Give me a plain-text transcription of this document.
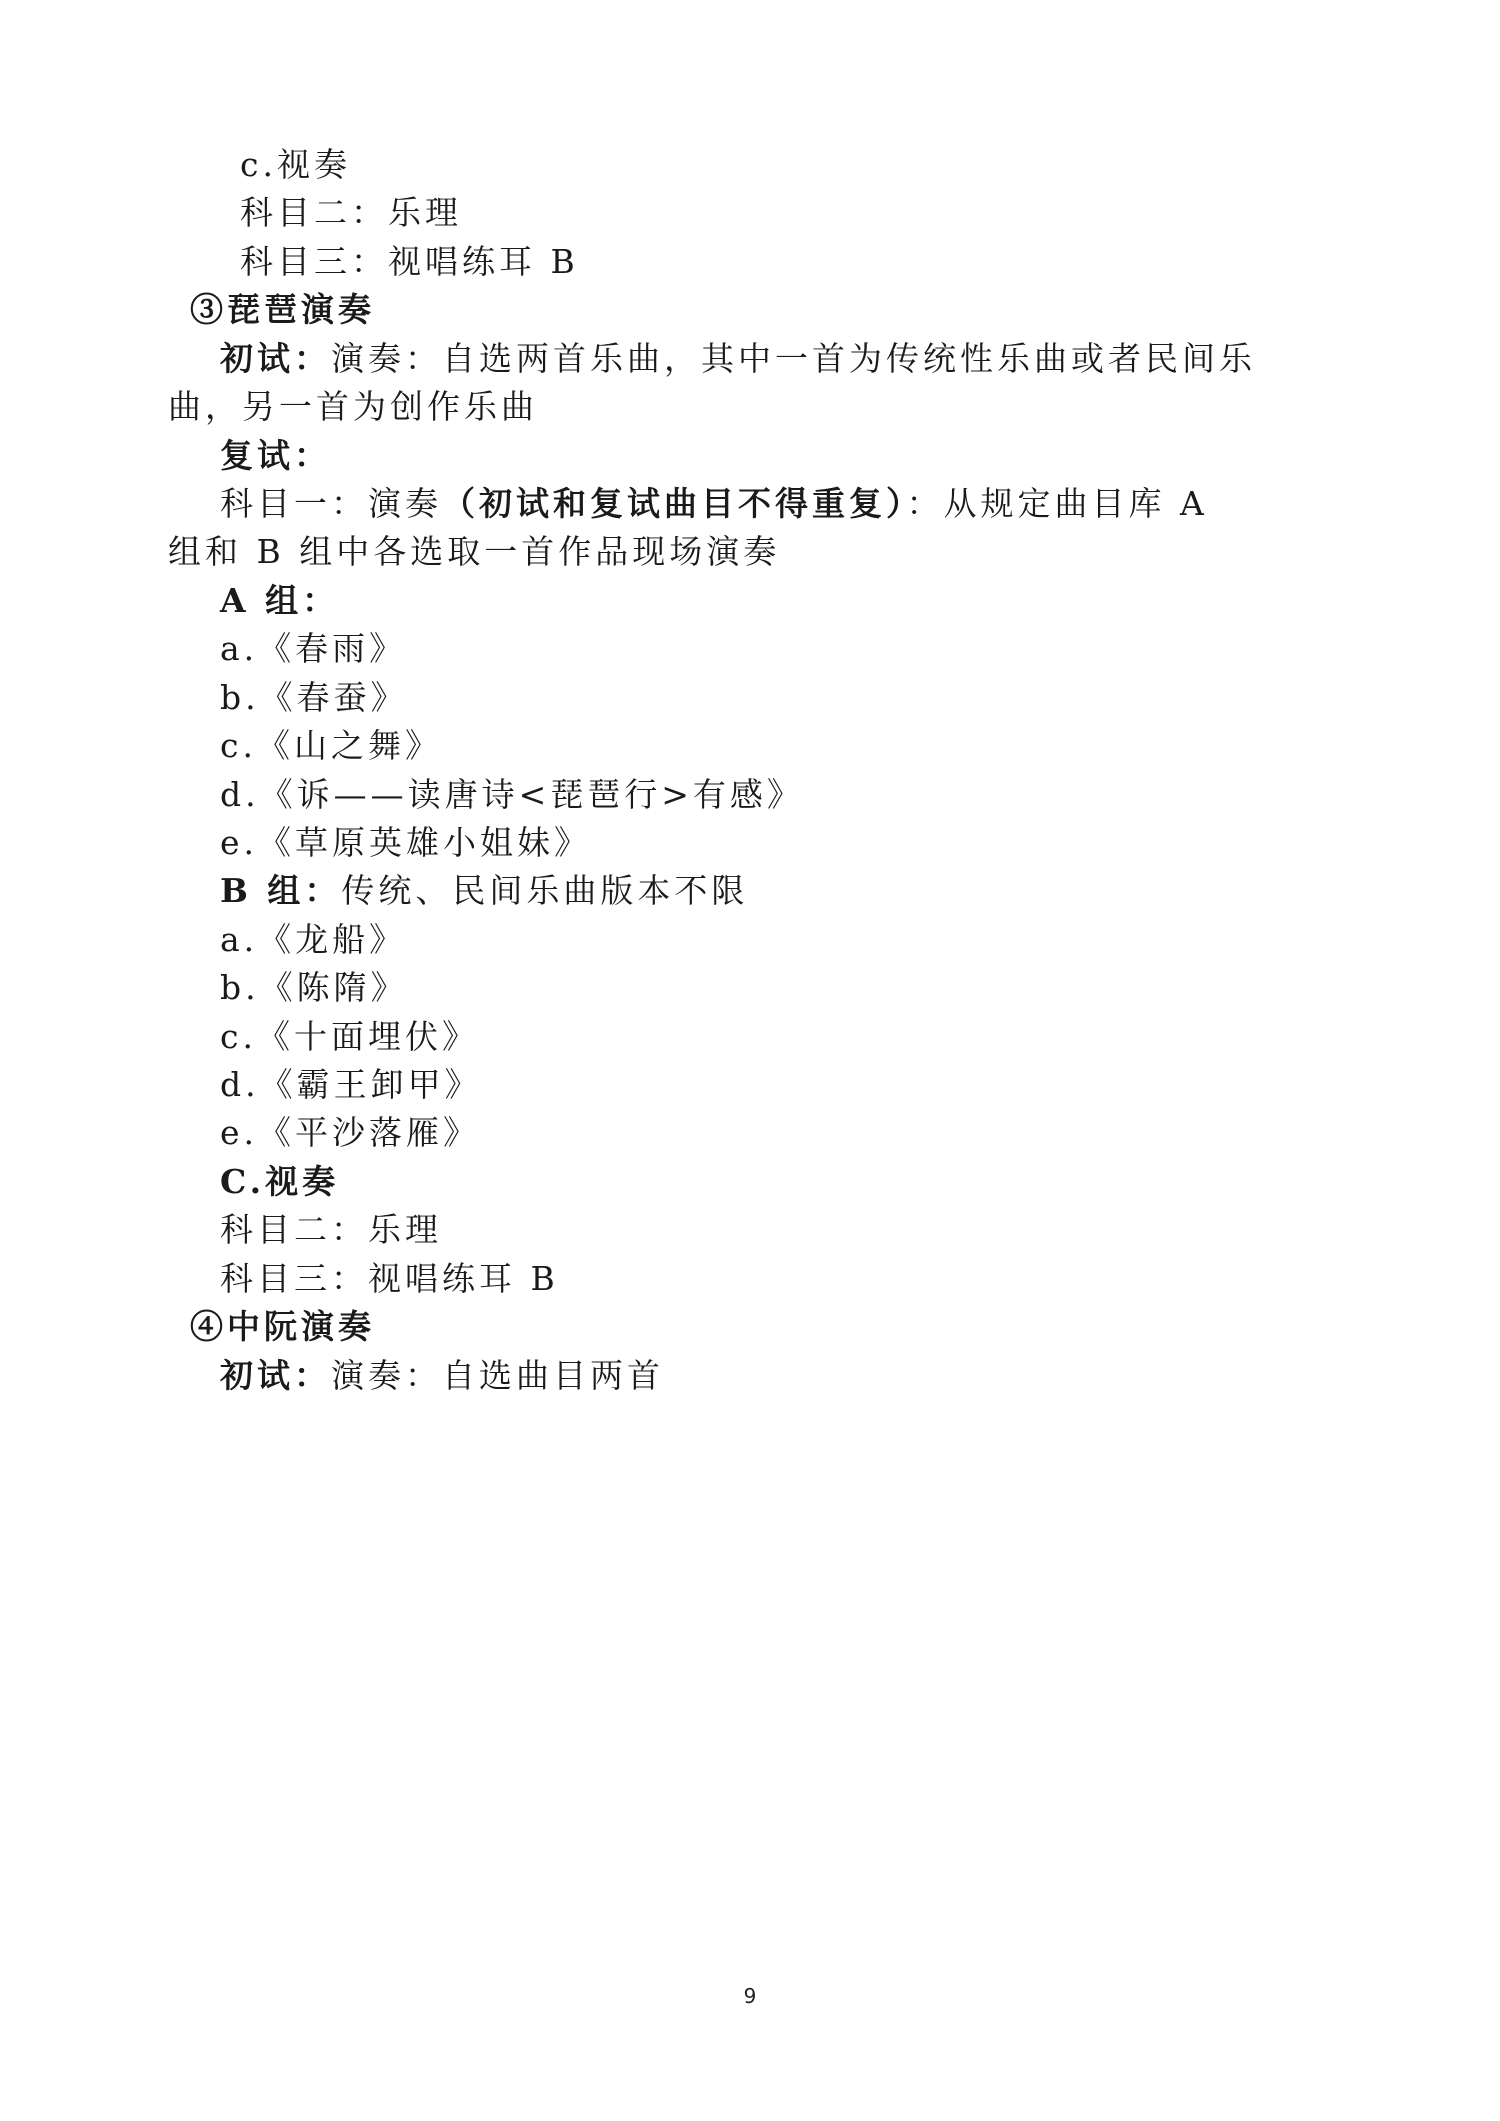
c.视奏
科目二：乐理
科目三：视唱练耳 B
③琵琶演奏
初试：演奏：自选两首乐曲，其中一首为传统性乐曲或者民间乐
曲，另一首为创作乐曲
复试：
科目一：演奏（初试和复试曲目不得重复）：从规定曲目库 A
组和 B 组中各选取一首作品现场演奏
A 组：
a.《春雨》
b.《春蚕》
c.《山之舞》
d.《诉——读唐诗<琵琶行>有感》
e.《草原英雄小姐妹》
B 组：传统、民间乐曲版本不限
a.《龙船》
b.《陈隋》
c.《十面埋伏》
d.《霸王卸甲》
e.《平沙落雁》
C.视奏
科目二：乐理
科目三：视唱练耳 B
④中阮演奏
初试：演奏：自选曲目两首
9
